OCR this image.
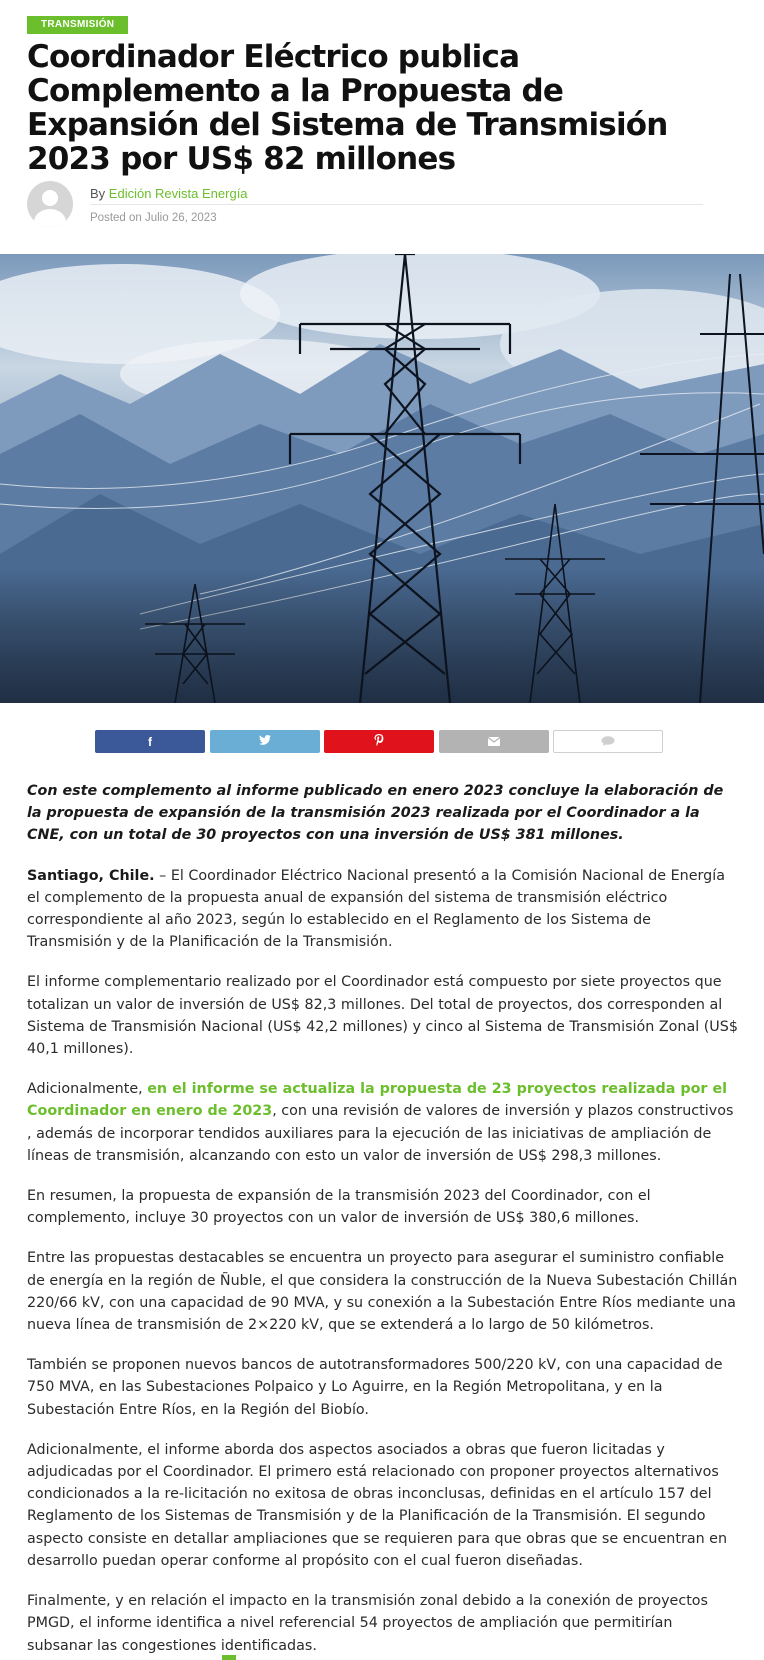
TRANSMISIÓN
Coordinador Eléctrico publica Complemento a la Propuesta de Expansión del Sistema de Transmisión 2023 por US$ 82 millones
By Edición Revista Energía
Posted on Julio 26, 2023
f

Con este complemento al informe publicado en enero 2023 concluye la elaboración de la propuesta de expansión de la transmisión 2023 realizada por el Coordinador a la CNE, con un total de 30 proyectos con una inversión de US$ 381 millones.

Santiago, Chile. – El Coordinador Eléctrico Nacional presentó a la Comisión Nacional de Energía el complemento de la propuesta anual de expansión del sistema de transmisión eléctrico correspondiente al año 2023, según lo establecido en el Reglamento de los Sistema de Transmisión y de la Planificación de la Transmisión.

El informe complementario realizado por el Coordinador está compuesto por siete proyectos que totalizan un valor de inversión de US$ 82,3 millones. Del total de proyectos, dos corresponden al Sistema de Transmisión Nacional (US$ 42,2 millones) y cinco al Sistema de Transmisión Zonal (US$ 40,1 millones).

Adicionalmente, en el informe se actualiza la propuesta de 23 proyectos realizada por el Coordinador en enero de 2023, con una revisión de valores de inversión y plazos constructivos , además de incorporar tendidos auxiliares para la ejecución de las iniciativas de ampliación de líneas de transmisión, alcanzando con esto un valor de inversión de US$ 298,3 millones.

En resumen, la propuesta de expansión de la transmisión 2023 del Coordinador, con el complemento, incluye 30 proyectos con un valor de inversión de US$ 380,6 millones.

Entre las propuestas destacables se encuentra un proyecto para asegurar el suministro confiable de energía en la región de Ñuble, el que considera la construcción de la Nueva Subestación Chillán 220/66 kV, con una capacidad de 90 MVA, y su conexión a la Subestación Entre Ríos mediante una nueva línea de transmisión de 2×220 kV, que se extenderá a lo largo de 50 kilómetros.

También se proponen nuevos bancos de autotransformadores 500/220 kV, con una capacidad de 750 MVA, en las Subestaciones Polpaico y Lo Aguirre, en la Región Metropolitana, y en la Subestación Entre Ríos, en la Región del Biobío.

Adicionalmente, el informe aborda dos aspectos asociados a obras que fueron licitadas y adjudicadas por el Coordinador. El primero está relacionado con proponer proyectos alternativos condicionados a la re-licitación no exitosa de obras inconclusas, definidas en el artículo 157 del Reglamento de los Sistemas de Transmisión y de la Planificación de la Transmisión. El segundo aspecto consiste en detallar ampliaciones que se requieren para que obras que se encuentran en desarrollo puedan operar conforme al propósito con el cual fueron diseñadas.

Finalmente, y en relación el impacto en la transmisión zonal debido a la conexión de proyectos PMGD, el informe identifica a nivel referencial 54 proyectos de ampliación que permitirían subsanar las congestiones identificadas.
